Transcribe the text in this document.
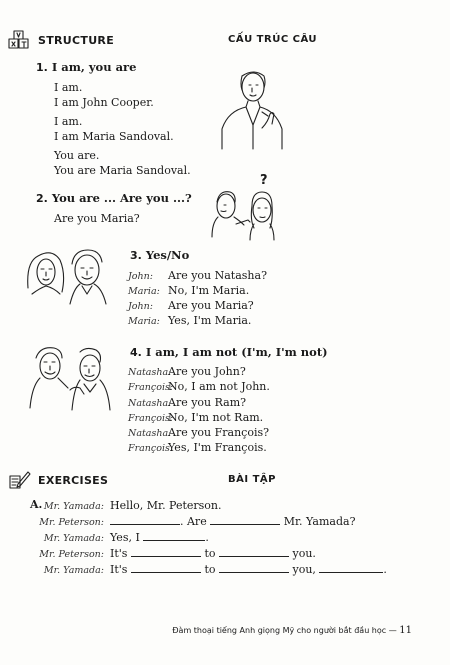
STRUCTURE	CẤU TRÚC CÂU
1. I am, you are
I am.
I am John Cooper.
I am.
I am Maria Sandoval.
You are.
You are Maria Sandoval.
2. You are ... Are you ...?
Are you Maria?
?
3. Yes/No
John: Are you Natasha?
Maria: No, I'm Maria.
John: Are you Maria?
Maria: Yes, I'm Maria.
4. I am, I am not (I'm, I'm not)
Natasha:Are you John?
François:No, I am not John.
Natasha:Are you Ram?
François:No, I'm not Ram.
Natasha:Are you François?
François:Yes, I'm François.
EXERCISES	BÀI TẬP
A. Mr. Yamada: Hello, Mr. Peterson.
Mr. Peterson:	. Are	Mr. Yamada?
Mr. Yamada: Yes, I	.
Mr. Peterson: It's	to	you.
Mr. Yamada: It's	to	you,	.
Đàm thoại tiếng Anh giọng Mỹ cho người bắt đầu học — 11
